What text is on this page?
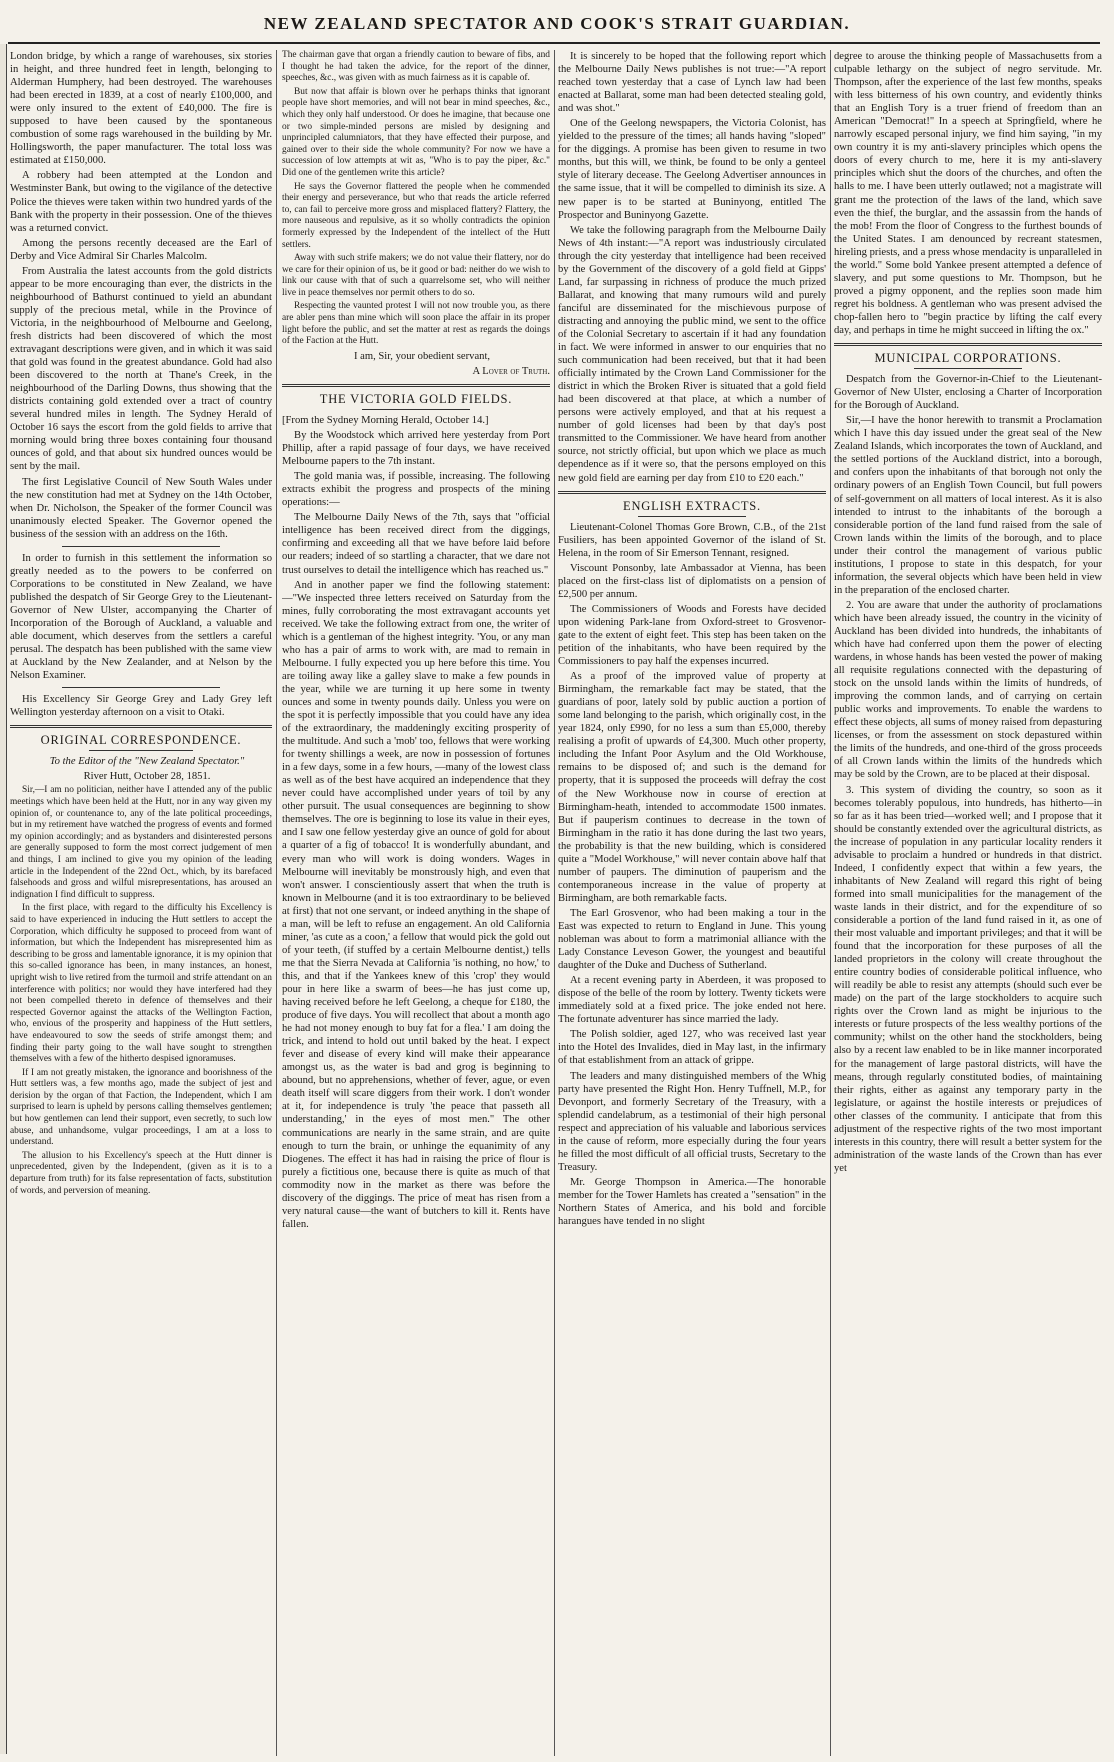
NEW ZEALAND SPECTATOR AND COOK'S STRAIT GUARDIAN.

London bridge, by which a range of warehouses, six stories in height, and three hundred feet in length, belonging to Alderman Humphery, had been destroyed. The warehouses had been erected in 1839, at a cost of nearly £100,000, and were only insured to the extent of £40,000. The fire is supposed to have been caused by the spontaneous combustion of some rags warehoused in the building by Mr. Hollingsworth, the paper manufacturer. The total loss was estimated at £150,000.

A robbery had been attempted at the London and Westminster Bank, but owing to the vigilance of the detective Police the thieves were taken within two hundred yards of the Bank with the property in their possession. One of the thieves was a returned convict.

Among the persons recently deceased are the Earl of Derby and Vice Admiral Sir Charles Malcolm.

From Australia the latest accounts from the gold districts appear to be more encouraging than ever, the districts in the neighbourhood of Bathurst continued to yield an abundant supply of the precious metal, while in the Province of Victoria, in the neighbourhood of Melbourne and Geelong, fresh districts had been discovered of which the most extravagant descriptions were given, and in which it was said that gold was found in the greatest abundance. Gold had also been discovered to the north at Thane's Creek, in the neighbourhood of the Darling Downs, thus showing that the districts containing gold extended over a tract of country several hundred miles in length. The Sydney Herald of October 16 says the escort from the gold fields to arrive that morning would bring three boxes containing four thousand ounces of gold, and that about six hundred ounces would be sent by the mail.

The first Legislative Council of New South Wales under the new constitution had met at Sydney on the 14th October, when Dr. Nicholson, the Speaker of the former Council was unanimously elected Speaker. The Governor opened the business of the session with an address on the 16th.

In order to furnish in this settlement the information so greatly needed as to the powers to be conferred on Corporations to be constituted in New Zealand, we have published the despatch of Sir George Grey to the Lieutenant-Governor of New Ulster, accompanying the Charter of Incorporation of the Borough of Auckland, a valuable and able document, which deserves from the settlers a careful perusal. The despatch has been published with the same view at Auckland by the New Zealander, and at Nelson by the Nelson Examiner.

His Excellency Sir George Grey and Lady Grey left Wellington yesterday afternoon on a visit to Otaki.

ORIGINAL CORRESPONDENCE.

To the Editor of the "New Zealand Spectator."

River Hutt, October 28, 1851.

Sir,—I am no politician, neither have I attended any of the public meetings which have been held at the Hutt, nor in any way given my opinion of, or countenance to, any of the late political proceedings, but in my retirement have watched the progress of events and formed my opinion accordingly; and as bystanders and disinterested persons are generally supposed to form the most correct judgement of men and things, I am inclined to give you my opinion of the leading article in the Independent of the 22nd Oct., which, by its barefaced falsehoods and gross and wilful misrepresentations, has aroused an indignation I find difficult to suppress.

In the first place, with regard to the difficulty his Excellency is said to have experienced in inducing the Hutt settlers to accept the Corporation, which difficulty he supposed to proceed from want of information, but which the Independent has misrepresented him as describing to be gross and lamentable ignorance, it is my opinion that this so-called ignorance has been, in many instances, an honest, upright wish to live retired from the turmoil and strife attendant on an interference with politics; nor would they have interfered had they not been compelled thereto in defence of themselves and their respected Governor against the attacks of the Wellington Faction, who, envious of the prosperity and happiness of the Hutt settlers, have endeavoured to sow the seeds of strife amongst them; and finding their party going to the wall have sought to strengthen themselves with a few of the hitherto despised ignoramuses.

If I am not greatly mistaken, the ignorance and boorishness of the Hutt settlers was, a few months ago, made the subject of jest and derision by the organ of that Faction, the Independent, which I am surprised to learn is upheld by persons calling themselves gentlemen; but how gentlemen can lend their support, even secretly, to such low abuse, and unhandsome, vulgar proceedings, I am at a loss to understand.

The allusion to his Excellency's speech at the Hutt dinner is unprecedented, given by the Independent, (given as it is to a departure from truth) for its false representation of facts, substitution of words, and perversion of meaning.

The chairman gave that organ a friendly caution to beware of fibs, and I thought he had taken the advice, for the report of the dinner, speeches, &c., was given with as much fairness as it is capable of.

But now that affair is blown over he perhaps thinks that ignorant people have short memories, and will not bear in mind speeches, &c., which they only half understood. Or does he imagine, that because one or two simple-minded persons are misled by designing and unprincipled calumniators, that they have effected their purpose, and gained over to their side the whole community? For now we have a succession of low attempts at wit as, "Who is to pay the piper, &c." Did one of the gentlemen write this article?

He says the Governor flattered the people when he commended their energy and perseverance, but who that reads the article referred to, can fail to perceive more gross and misplaced flattery? Flattery, the more nauseous and repulsive, as it so wholly contradicts the opinion formerly expressed by the Independent of the intellect of the Hutt settlers.

Away with such strife makers; we do not value their flattery, nor do we care for their opinion of us, be it good or bad: neither do we wish to link our cause with that of such a quarrelsome set, who will neither live in peace themselves nor permit others to do so.

Respecting the vaunted protest I will not now trouble you, as there are abler pens than mine which will soon place the affair in its proper light before the public, and set the matter at rest as regards the doings of the Faction at the Hutt.

I am, Sir, your obedient servant,

A Lover of Truth.

THE VICTORIA GOLD FIELDS.

[From the Sydney Morning Herald, October 14.]

By the Woodstock which arrived here yesterday from Port Phillip, after a rapid passage of four days, we have received Melbourne papers to the 7th instant.

The gold mania was, if possible, increasing. The following extracts exhibit the progress and prospects of the mining operations:—

The Melbourne Daily News of the 7th, says that "official intelligence has been received direct from the diggings, confirming and exceeding all that we have before laid before our readers; indeed of so startling a character, that we dare not trust ourselves to detail the intelligence which has reached us."

And in another paper we find the following statement:—"We inspected three letters received on Saturday from the mines, fully corroborating the most extravagant accounts yet received. We take the following extract from one, the writer of which is a gentleman of the highest integrity. 'You, or any man who has a pair of arms to work with, are mad to remain in Melbourne. I fully expected you up here before this time. You are toiling away like a galley slave to make a few pounds in the year, while we are turning it up here some in twenty ounces and some in twenty pounds daily. Unless you were on the spot it is perfectly impossible that you could have any idea of the extraordinary, the maddeningly exciting prosperity of the multitude. And such a 'mob' too, fellows that were working for twenty shillings a week, are now in possession of fortunes in a few days, some in a few hours, —many of the lowest class as well as of the best have acquired an independence that they never could have accomplished under years of toil by any other pursuit. The usual consequences are beginning to show themselves. The ore is beginning to lose its value in their eyes, and I saw one fellow yesterday give an ounce of gold for about a quarter of a fig of tobacco! It is wonderfully abundant, and every man who will work is doing wonders. Wages in Melbourne will inevitably be monstrously high, and even that won't answer. I conscientiously assert that when the truth is known in Melbourne (and it is too extraordinary to be believed at first) that not one servant, or indeed anything in the shape of a man, will be left to refuse an engagement. An old California miner, 'as cute as a coon,' a fellow that would pick the gold out of your teeth, (if stuffed by a certain Melbourne dentist,) tells me that the Sierra Nevada at California 'is nothing, no how,' to this, and that if the Yankees knew of this 'crop' they would pour in here like a swarm of bees—he has just come up, having received before he left Geelong, a cheque for £180, the produce of five days. You will recollect that about a month ago he had not money enough to buy fat for a flea.' I am doing the trick, and intend to hold out until baked by the heat. I expect fever and disease of every kind will make their appearance amongst us, as the water is bad and grog is beginning to abound, but no apprehensions, whether of fever, ague, or even death itself will scare diggers from their work. I don't wonder at it, for independence is truly 'the peace that passeth all understanding,' in the eyes of most men." The other communications are nearly in the same strain, and are quite enough to turn the brain, or unhinge the equanimity of any Diogenes. The effect it has had in raising the price of flour is purely a fictitious one, because there is quite as much of that commodity now in the market as there was before the discovery of the diggings. The price of meat has risen from a very natural cause—the want of butchers to kill it. Rents have fallen.

It is sincerely to be hoped that the following report which the Melbourne Daily News publishes is not true:—"A report reached town yesterday that a case of Lynch law had been enacted at Ballarat, some man had been detected stealing gold, and was shot."

One of the Geelong newspapers, the Victoria Colonist, has yielded to the pressure of the times; all hands having "sloped" for the diggings. A promise has been given to resume in two months, but this will, we think, be found to be only a genteel style of literary decease. The Geelong Advertiser announces in the same issue, that it will be compelled to diminish its size. A new paper is to be started at Buninyong, entitled The Prospector and Buninyong Gazette.

We take the following paragraph from the Melbourne Daily News of 4th instant:—"A report was industriously circulated through the city yesterday that intelligence had been received by the Government of the discovery of a gold field at Gipps' Land, far surpassing in richness of produce the much prized Ballarat, and knowing that many rumours wild and purely fanciful are disseminated for the mischievous purpose of distracting and annoying the public mind, we sent to the office of the Colonial Secretary to ascertain if it had any foundation in fact. We were informed in answer to our enquiries that no such communication had been received, but that it had been officially intimated by the Crown Land Commissioner for the district in which the Broken River is situated that a gold field had been discovered at that place, at which a number of persons were actively employed, and that at his request a number of gold licenses had been by that day's post transmitted to the Commissioner. We have heard from another source, not strictly official, but upon which we place as much dependence as if it were so, that the persons employed on this new gold field are earning per day from £10 to £20 each."

ENGLISH EXTRACTS.

Lieutenant-Colonel Thomas Gore Brown, C.B., of the 21st Fusiliers, has been appointed Governor of the island of St. Helena, in the room of Sir Emerson Tennant, resigned.

Viscount Ponsonby, late Ambassador at Vienna, has been placed on the first-class list of diplomatists on a pension of £2,500 per annum.

The Commissioners of Woods and Forests have decided upon widening Park-lane from Oxford-street to Grosvenor-gate to the extent of eight feet. This step has been taken on the petition of the inhabitants, who have been required by the Commissioners to pay half the expenses incurred.

As a proof of the improved value of property at Birmingham, the remarkable fact may be stated, that the guardians of poor, lately sold by public auction a portion of some land belonging to the parish, which originally cost, in the year 1824, only £990, for no less a sum than £5,000, thereby realising a profit of upwards of £4,300. Much other property, including the Infant Poor Asylum and the Old Workhouse, remains to be disposed of; and such is the demand for property, that it is supposed the proceeds will defray the cost of the New Workhouse now in course of erection at Birmingham-heath, intended to accommodate 1500 inmates. But if pauperism continues to decrease in the town of Birmingham in the ratio it has done during the last two years, the probability is that the new building, which is considered quite a "Model Workhouse," will never contain above half that number of paupers. The diminution of pauperism and the contemporaneous increase in the value of property at Birmingham, are both remarkable facts.

The Earl Grosvenor, who had been making a tour in the East was expected to return to England in June. This young nobleman was about to form a matrimonial alliance with the Lady Constance Leveson Gower, the youngest and beautiful daughter of the Duke and Duchess of Sutherland.

At a recent evening party in Aberdeen, it was proposed to dispose of the belle of the room by lottery. Twenty tickets were immediately sold at a fixed price. The joke ended not here. The fortunate adventurer has since married the lady.

The Polish soldier, aged 127, who was received last year into the Hotel des Invalides, died in May last, in the infirmary of that establishment from an attack of grippe.

The leaders and many distinguished members of the Whig party have presented the Right Hon. Henry Tuffnell, M.P., for Devonport, and formerly Secretary of the Treasury, with a splendid candelabrum, as a testimonial of their high personal respect and appreciation of his valuable and laborious services in the cause of reform, more especially during the four years he filled the most difficult of all official trusts, Secretary to the Treasury.

Mr. George Thompson in America.—The honorable member for the Tower Hamlets has created a "sensation" in the Northern States of America, and his bold and forcible harangues have tended in no slight

degree to arouse the thinking people of Massachusetts from a culpable lethargy on the subject of negro servitude. Mr. Thompson, after the experience of the last few months, speaks with less bitterness of his own country, and evidently thinks that an English Tory is a truer friend of freedom than an American "Democrat!" In a speech at Springfield, where he narrowly escaped personal injury, we find him saying, "in my own country it is my anti-slavery principles which opens the doors of every church to me, here it is my anti-slavery principles which shut the doors of the churches, and often the halls to me. I have been utterly outlawed; not a magistrate will grant me the protection of the laws of the land, which save even the thief, the burglar, and the assassin from the hands of the mob! From the floor of Congress to the furthest bounds of the United States. I am denounced by recreant statesmen, hireling priests, and a press whose mendacity is unparalleled in the world." Some bold Yankee present attempted a defence of slavery, and put some questions to Mr. Thompson, but he proved a pigmy opponent, and the replies soon made him regret his boldness. A gentleman who was present advised the chop-fallen hero to "begin practice by lifting the calf every day, and perhaps in time he might succeed in lifting the ox."

MUNICIPAL CORPORATIONS.

Despatch from the Governor-in-Chief to the Lieutenant-Governor of New Ulster, enclosing a Charter of Incorporation for the Borough of Auckland.

Sir,—I have the honor herewith to transmit a Proclamation which I have this day issued under the great seal of the New Zealand Islands, which incorporates the town of Auckland, and the settled portions of the Auckland district, into a borough, and confers upon the inhabitants of that borough not only the ordinary powers of an English Town Council, but full powers of self-government on all matters of local interest. As it is also intended to intrust to the inhabitants of the borough a considerable portion of the land fund raised from the sale of Crown lands within the limits of the borough, and to place under their control the management of various public institutions, I propose to state in this despatch, for your information, the several objects which have been held in view in the preparation of the enclosed charter.

2. You are aware that under the authority of proclamations which have been already issued, the country in the vicinity of Auckland has been divided into hundreds, the inhabitants of which have had conferred upon them the power of electing wardens, in whose hands has been vested the power of making all requisite regulations connected with the depasturing of stock on the unsold lands within the limits of hundreds, of improving the common lands, and of carrying on certain public works and improvements. To enable the wardens to effect these objects, all sums of money raised from depasturing licenses, or from the assessment on stock depastured within the limits of the hundreds, and one-third of the gross proceeds of all Crown lands within the limits of the hundreds which may be sold by the Crown, are to be placed at their disposal.

3. This system of dividing the country, so soon as it becomes tolerably populous, into hundreds, has hitherto—in so far as it has been tried—worked well; and I propose that it should be constantly extended over the agricultural districts, as the increase of population in any particular locality renders it advisable to proclaim a hundred or hundreds in that district. Indeed, I confidently expect that within a few years, the inhabitants of New Zealand will regard this right of being formed into small municipalities for the management of the waste lands in their district, and for the expenditure of so considerable a portion of the land fund raised in it, as one of their most valuable and important privileges; and that it will be found that the incorporation for these purposes of all the landed proprietors in the colony will create throughout the entire country bodies of considerable political influence, who will readily be able to resist any attempts (should such ever be made) on the part of the large stockholders to acquire such rights over the Crown land as might be injurious to the interests or future prospects of the less wealthy portions of the community; whilst on the other hand the stockholders, being also by a recent law enabled to be in like manner incorporated for the management of large pastoral districts, will have the means, through regularly constituted bodies, of maintaining their rights, either as against any temporary party in the legislature, or against the hostile interests or prejudices of other classes of the community. I anticipate that from this adjustment of the respective rights of the two most important interests in this country, there will result a better system for the administration of the waste lands of the Crown than has ever yet
